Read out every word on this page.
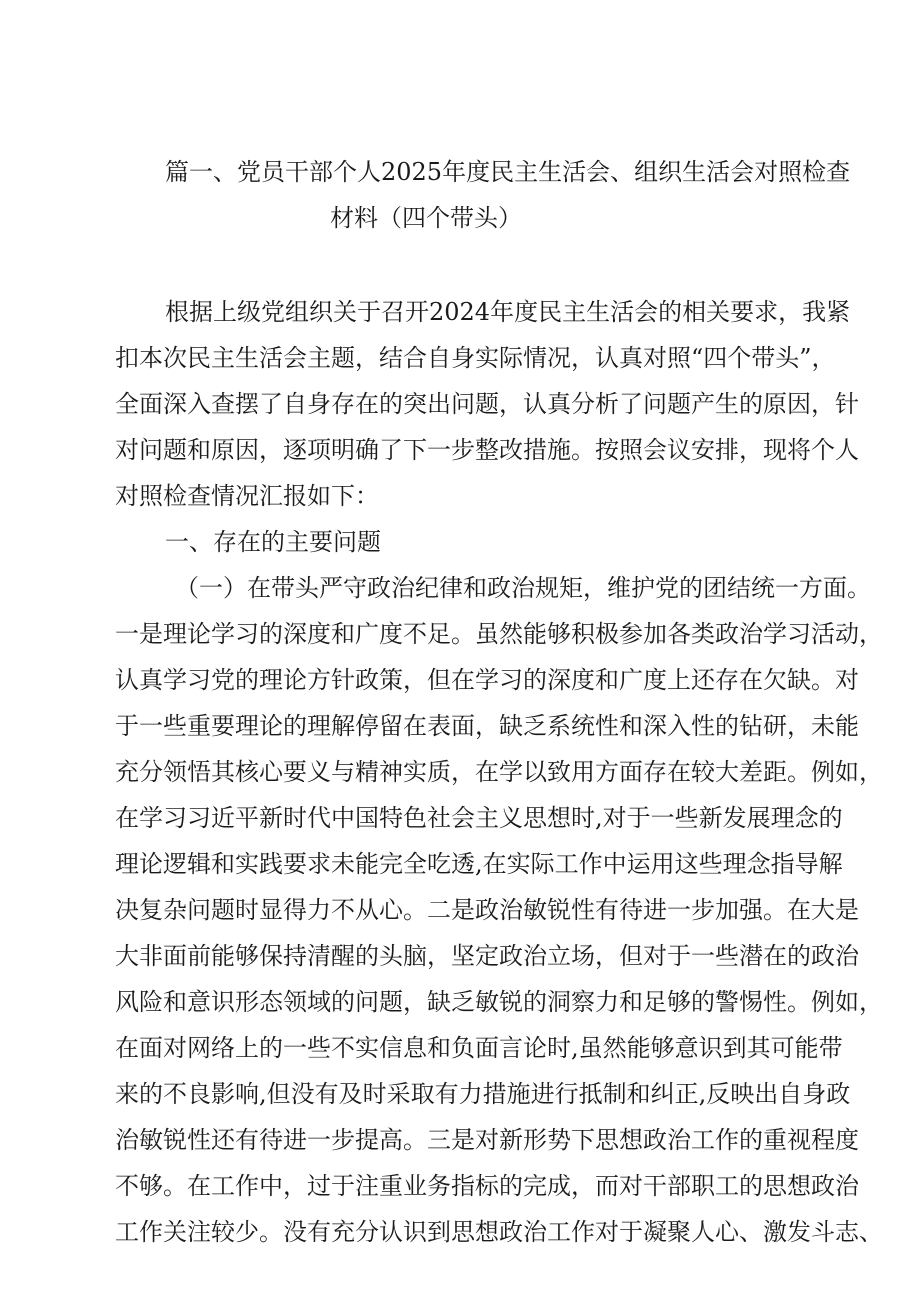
篇一、党员干部个人2025年度民主生活会、组织生活会对照检查
材料（四个带头）
根据上级党组织关于召开2024年度民主生活会的相关要求，我紧
扣本次民主生活会主题，结合自身实际情况，认真对照“四个带头”，
全面深入查摆了自身存在的突出问题，认真分析了问题产生的原因，针
对问题和原因，逐项明确了下一步整改措施。按照会议安排，现将个人
对照检查情况汇报如下：
一、存在的主要问题
（一）在带头严守政治纪律和政治规矩，维护党的团结统一方面。
一是理论学习的深度和广度不足。虽然能够积极参加各类政治学习活动，
认真学习党的理论方针政策，但在学习的深度和广度上还存在欠缺。对
于一些重要理论的理解停留在表面，缺乏系统性和深入性的钻研，未能
充分领悟其核心要义与精神实质，在学以致用方面存在较大差距。例如，
在学习习近平新时代中国特色社会主义思想时,对于一些新发展理念的
理论逻辑和实践要求未能完全吃透,在实际工作中运用这些理念指导解
决复杂问题时显得力不从心。二是政治敏锐性有待进一步加强。在大是
大非面前能够保持清醒的头脑，坚定政治立场，但对于一些潜在的政治
风险和意识形态领域的问题，缺乏敏锐的洞察力和足够的警惕性。例如，
在面对网络上的一些不实信息和负面言论时,虽然能够意识到其可能带
来的不良影响,但没有及时采取有力措施进行抵制和纠正,反映出自身政
治敏锐性还有待进一步提高。三是对新形势下思想政治工作的重视程度
不够。在工作中，过于注重业务指标的完成，而对干部职工的思想政治
工作关注较少。没有充分认识到思想政治工作对于凝聚人心、激发斗志、
